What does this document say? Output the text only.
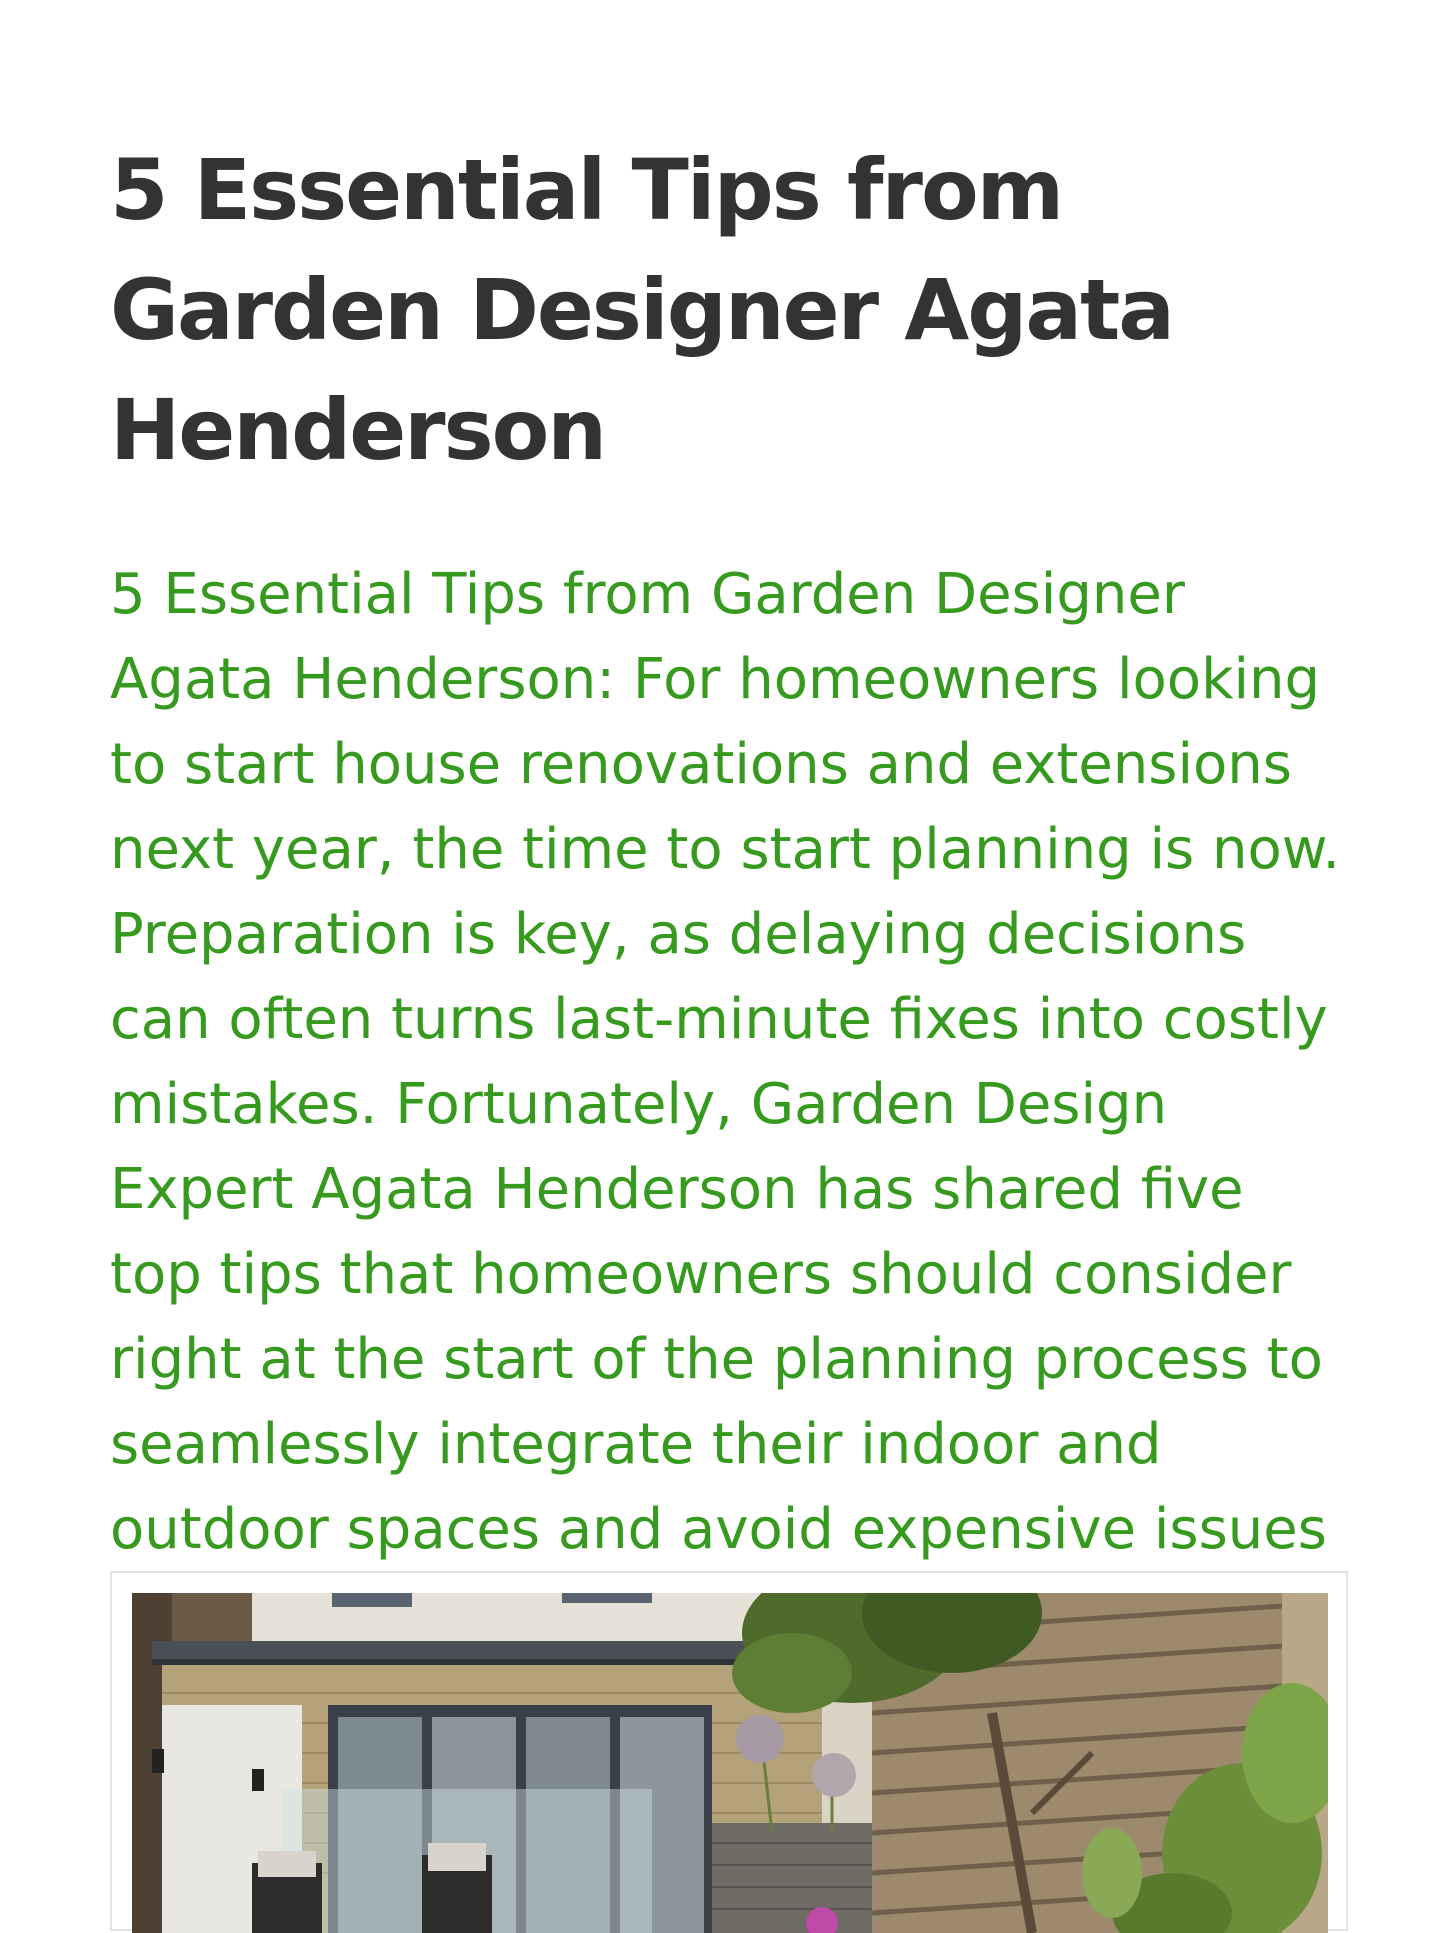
5 Essential Tips from Garden Designer Agata Henderson

5 Essential Tips from Garden Designer Agata Henderson: For homeowners looking to start house renovations and extensions next year, the time to start planning is now. Preparation is key, as delaying decisions can often turns last-minute fixes into costly mistakes. Fortunately, Garden Design Expert Agata Henderson has shared five top tips that homeowners should consider right at the start of the planning process to seamlessly integrate their indoor and outdoor spaces and avoid expensive issues
